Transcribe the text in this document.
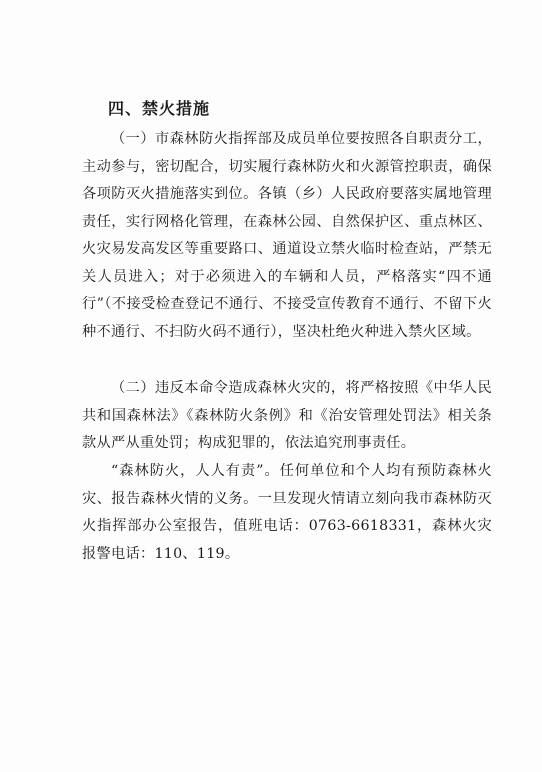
四、禁火措施

（一）市森林防火指挥部及成员单位要按照各自职责分工，主动参与，密切配合，切实履行森林防火和火源管控职责，确保各项防灭火措施落实到位。各镇（乡）人民政府要落实属地管理责任，实行网格化管理，在森林公园、自然保护区、重点林区、火灾易发高发区等重要路口、通道设立禁火临时检查站，严禁无关人员进入；对于必须进入的车辆和人员，严格落实“四不通行”（不接受检查登记不通行、不接受宣传教育不通行、不留下火种不通行、不扫防火码不通行），坚决杜绝火种进入禁火区域。

（二）违反本命令造成森林火灾的，将严格按照《中华人民共和国森林法》《森林防火条例》和《治安管理处罚法》相关条款从严从重处罚；构成犯罪的，依法追究刑事责任。

“森林防火，人人有责”。任何单位和个人均有预防森林火灾、报告森林火情的义务。一旦发现火情请立刻向我市森林防灭火指挥部办公室报告，值班电话：0763-6618331，森林火灾报警电话：110、119。
